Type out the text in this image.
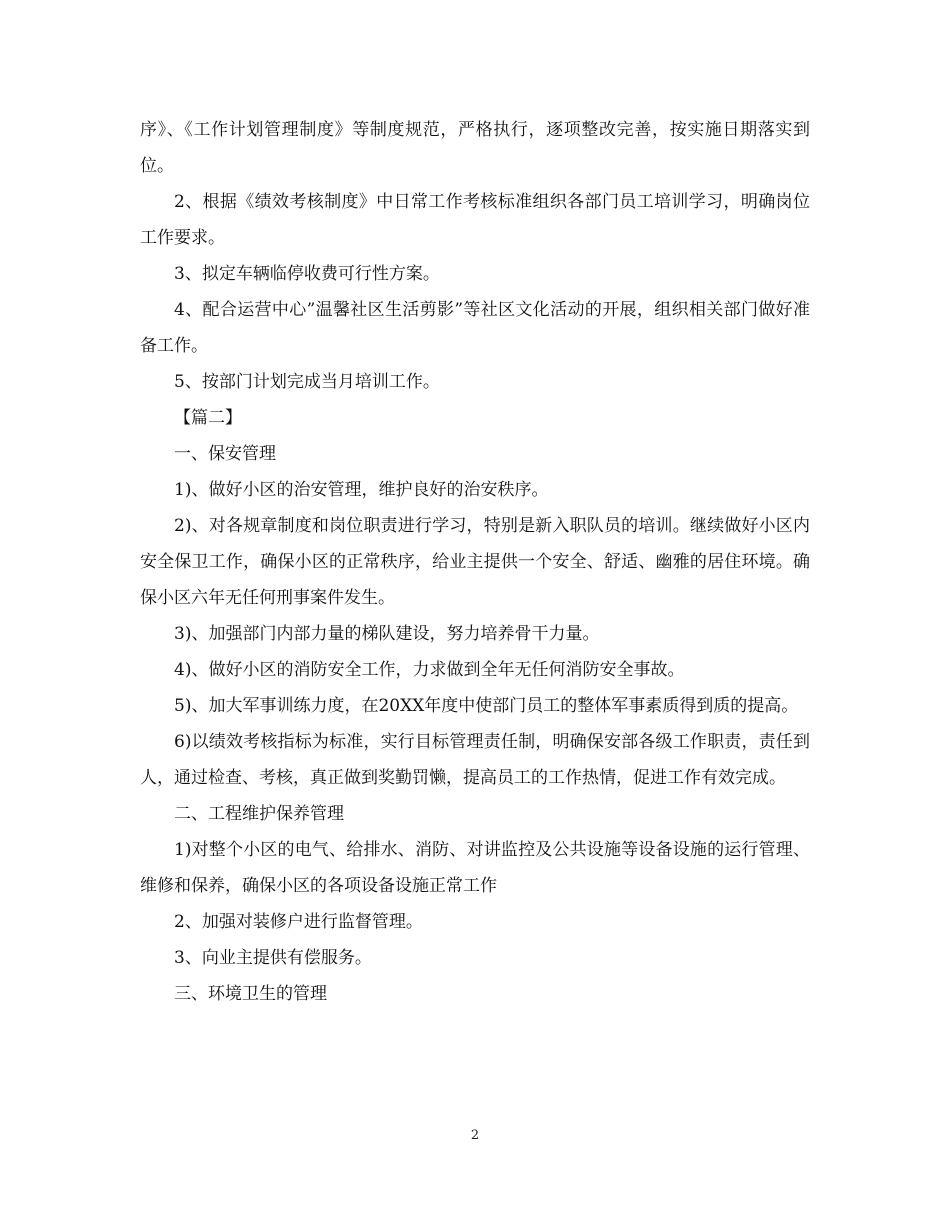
序》、《工作计划管理制度》等制度规范，严格执行，逐项整改完善，按实施日期落实到位。

2、根据《绩效考核制度》中日常工作考核标准组织各部门员工培训学习，明确岗位工作要求。

3、拟定车辆临停收费可行性方案。

4、配合运营中心”温馨社区生活剪影”等社区文化活动的开展，组织相关部门做好准备工作。

5、按部门计划完成当月培训工作。

【篇二】

一、保安管理

1)、做好小区的治安管理，维护良好的治安秩序。

2)、对各规章制度和岗位职责进行学习，特别是新入职队员的培训。继续做好小区内安全保卫工作，确保小区的正常秩序，给业主提供一个安全、舒适、幽雅的居住环境。确保小区六年无任何刑事案件发生。

3)、加强部门内部力量的梯队建设，努力培养骨干力量。

4)、做好小区的消防安全工作，力求做到全年无任何消防安全事故。

5)、加大军事训练力度，在20XX年度中使部门员工的整体军事素质得到质的提高。

6)以绩效考核指标为标准，实行目标管理责任制，明确保安部各级工作职责，责任到人，通过检查、考核，真正做到奖勤罚懒，提高员工的工作热情，促进工作有效完成。

二、工程维护保养管理

1)对整个小区的电气、给排水、消防、对讲监控及公共设施等设备设施的运行管理、维修和保养，确保小区的各项设备设施正常工作

2、加强对装修户进行监督管理。

3、向业主提供有偿服务。

三、环境卫生的管理

2
